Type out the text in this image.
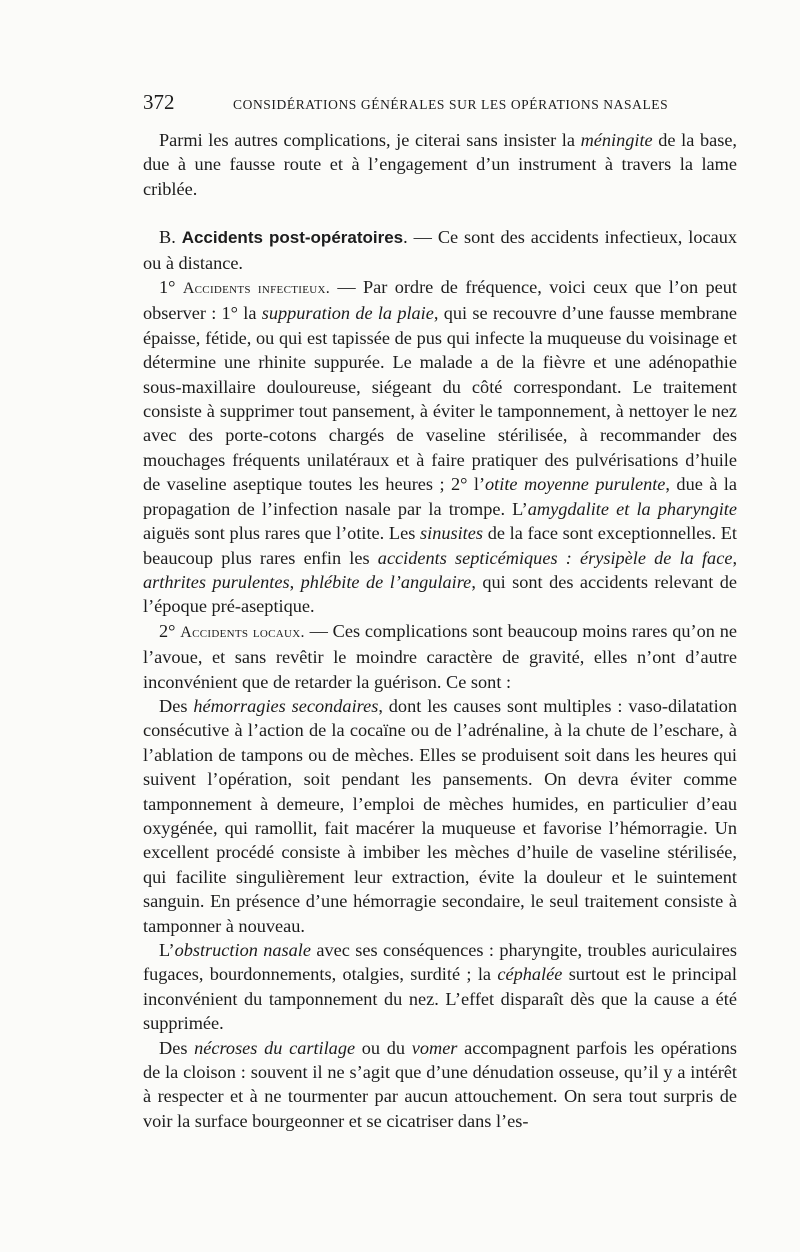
372	CONSIDÉRATIONS GÉNÉRALES SUR LES OPÉRATIONS NASALES

Parmi les autres complications, je citerai sans insister la méningite de la base, due à une fausse route et à l’engagement d’un instrument à travers la lame criblée.

B. Accidents post-opératoires. — Ce sont des accidents infectieux, locaux ou à distance.

1° Accidents infectieux. — Par ordre de fréquence, voici ceux que l’on peut observer : 1° la suppuration de la plaie, qui se recouvre d’une fausse membrane épaisse, fétide, ou qui est tapissée de pus qui infecte la muqueuse du voisinage et détermine une rhinite suppurée. Le malade a de la fièvre et une adénopathie sous-maxillaire douloureuse, siégeant du côté correspondant. Le traitement consiste à supprimer tout pansement, à éviter le tamponnement, à nettoyer le nez avec des porte-cotons chargés de vaseline stérilisée, à recommander des mouchages fréquents unilatéraux et à faire pratiquer des pulvérisations d’huile de vaseline aseptique toutes les heures ; 2° l’otite moyenne purulente, due à la propagation de l’infection nasale par la trompe. L’amygdalite et la pharyngite aiguës sont plus rares que l’otite. Les sinusites de la face sont exceptionnelles. Et beaucoup plus rares enfin les accidents septicémiques : érysipèle de la face, arthrites purulentes, phlébite de l’angulaire, qui sont des accidents relevant de l’époque pré-aseptique.

2° Accidents locaux. — Ces complications sont beaucoup moins rares qu’on ne l’avoue, et sans revêtir le moindre caractère de gravité, elles n’ont d’autre inconvénient que de retarder la guérison. Ce sont :

Des hémorragies secondaires, dont les causes sont multiples : vaso-dilatation consécutive à l’action de la cocaïne ou de l’adrénaline, à la chute de l’eschare, à l’ablation de tampons ou de mèches. Elles se produisent soit dans les heures qui suivent l’opération, soit pendant les pansements. On devra éviter comme tamponnement à demeure, l’emploi de mèches humides, en particulier d’eau oxygénée, qui ramollit, fait macérer la muqueuse et favorise l’hémorragie. Un excellent procédé consiste à imbiber les mèches d’huile de vaseline stérilisée, qui facilite singulièrement leur extraction, évite la douleur et le suintement sanguin. En présence d’une hémorragie secondaire, le seul traitement consiste à tamponner à nouveau.

L’obstruction nasale avec ses conséquences : pharyngite, troubles auriculaires fugaces, bourdonnements, otalgies, surdité ; la céphalée surtout est le principal inconvénient du tamponnement du nez. L’effet disparaît dès que la cause a été supprimée.

Des nécroses du cartilage ou du vomer accompagnent parfois les opérations de la cloison : souvent il ne s’agit que d’une dénudation osseuse, qu’il y a intérêt à respecter et à ne tourmenter par aucun attouchement. On sera tout surpris de voir la surface bourgeonner et se cicatriser dans l’es-
